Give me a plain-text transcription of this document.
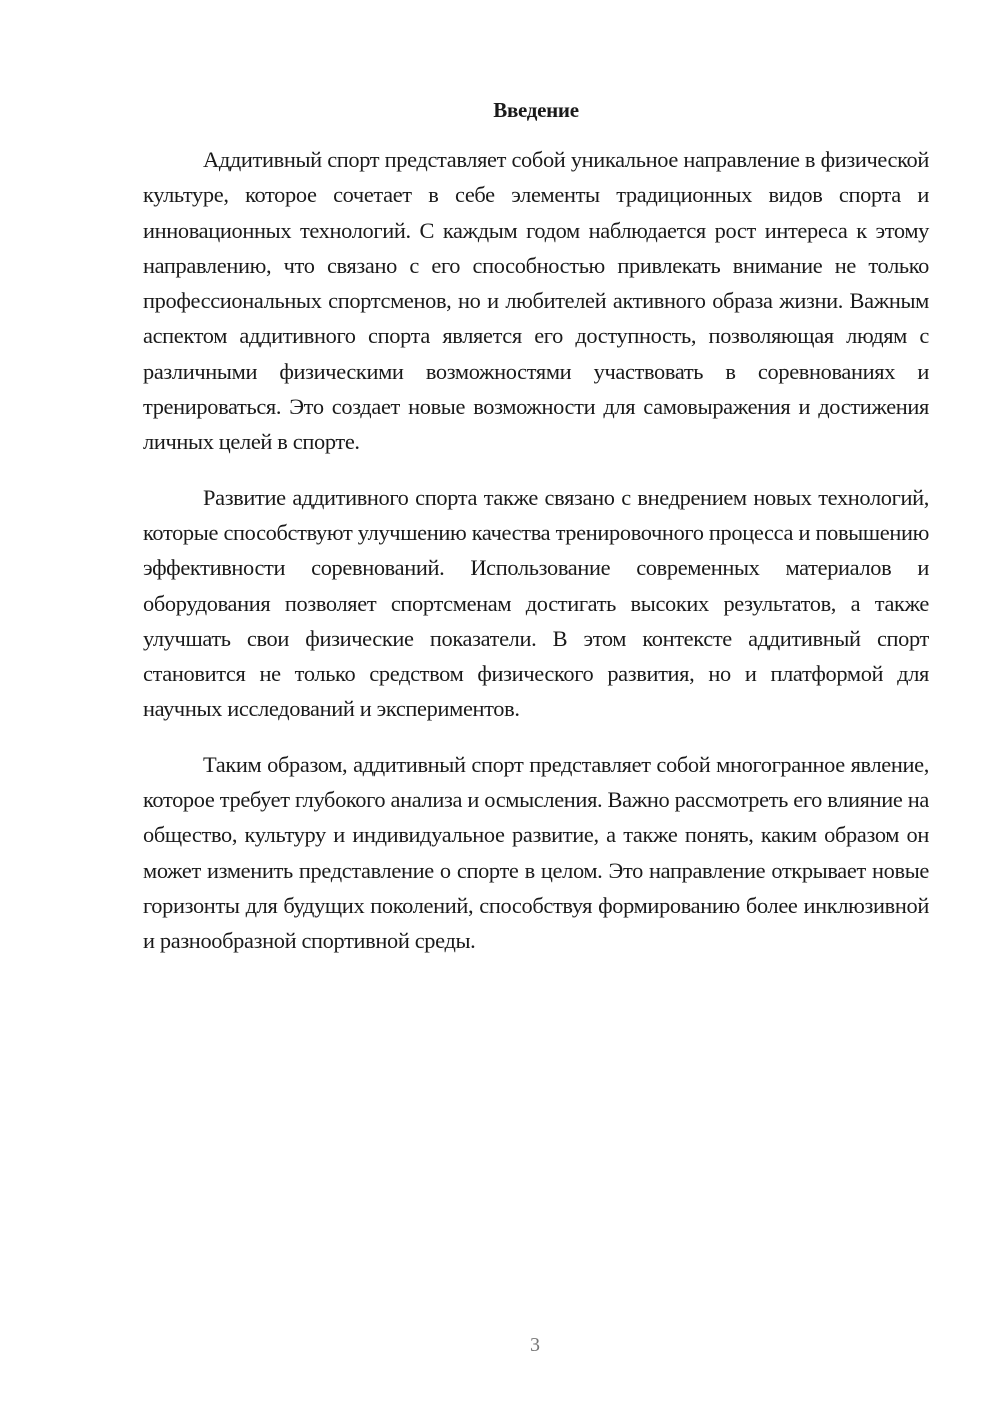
Введение

Аддитивный спорт представляет собой уникальное направление в физической культуре, которое сочетает в себе элементы традиционных видов спорта и инновационных технологий. С каждым годом наблюдается рост интереса к этому направлению, что связано с его способностью привлекать внимание не только профессиональных спортсменов, но и любителей активного образа жизни. Важным аспектом аддитивного спорта является его доступность, позволяющая людям с различными физическими возможностями участвовать в соревнованиях и тренироваться. Это создает новые возможности для самовыражения и достижения личных целей в спорте.

Развитие аддитивного спорта также связано с внедрением новых технологий, которые способствуют улучшению качества тренировочного процесса и повышению эффективности соревнований. Использование современных материалов и оборудования позволяет спортсменам достигать высоких результатов, а также улучшать свои физические показатели. В этом контексте аддитивный спорт становится не только средством физического развития, но и платформой для научных исследований и экспериментов.

Таким образом, аддитивный спорт представляет собой многогранное явление, которое требует глубокого анализа и осмысления. Важно рассмотреть его влияние на общество, культуру и индивидуальное развитие, а также понять, каким образом он может изменить представление о спорте в целом. Это направление открывает новые горизонты для будущих поколений, способствуя формированию более инклюзивной и разнообразной спортивной среды.

3
